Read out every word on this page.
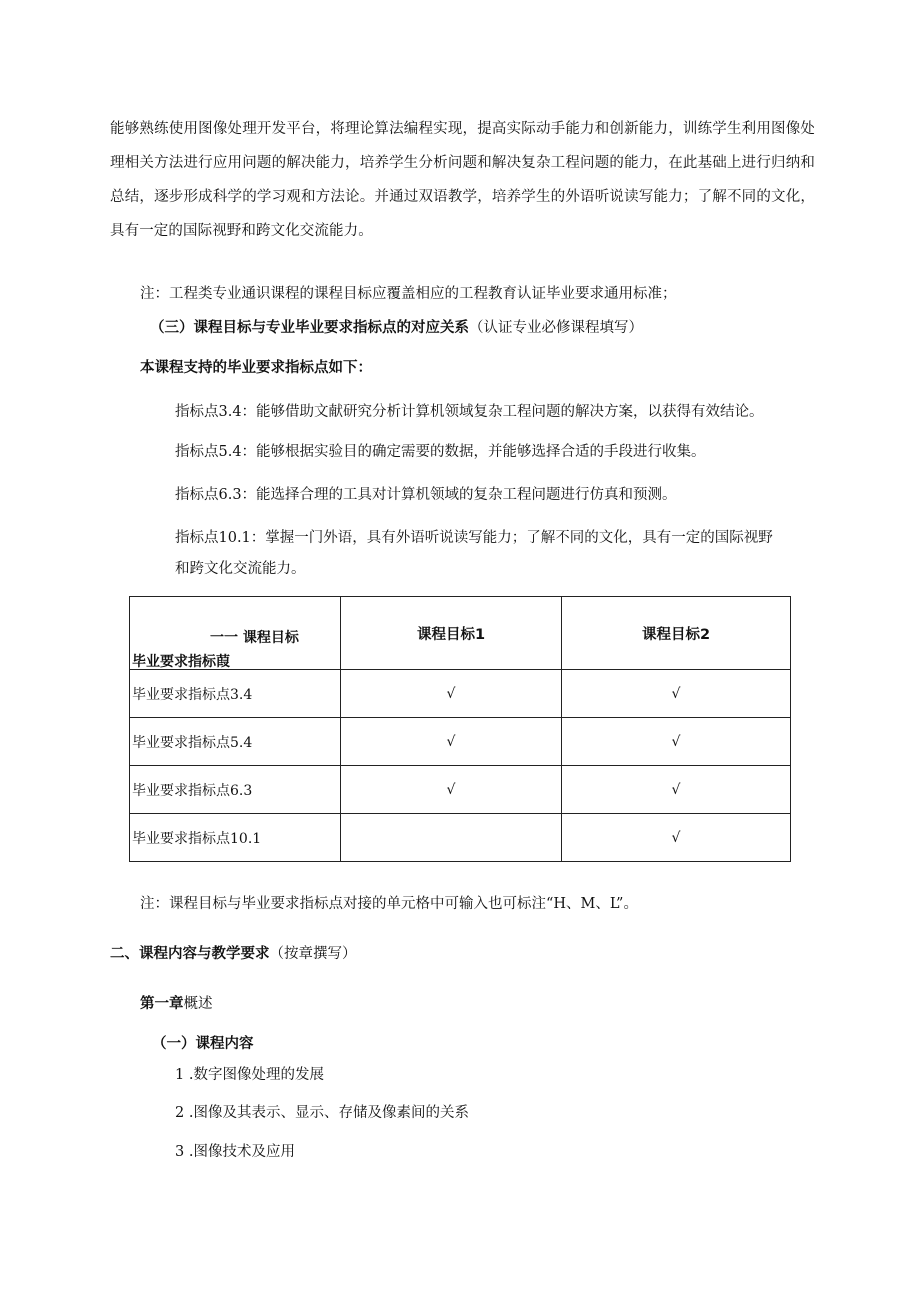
能够熟练使用图像处理开发平台，将理论算法编程实现，提高实际动手能力和创新能力，训练学生利用图像处理相关方法进行应用问题的解决能力，培养学生分析问题和解决复杂工程问题的能力，在此基础上进行归纳和总结，逐步形成科学的学习观和方法论。并通过双语教学，培养学生的外语听说读写能力；了解不同的文化，具有一定的国际视野和跨文化交流能力。
注：工程类专业通识课程的课程目标应覆盖相应的工程教育认证毕业要求通用标准；
（三）课程目标与专业毕业要求指标点的对应关系（认证专业必修课程填写）
本课程支持的毕业要求指标点如下：
指标点3.4：能够借助文献研究分析计算机领域复杂工程问题的解决方案，以获得有效结论。
指标点5.4：能够根据实验目的确定需要的数据，并能够选择合适的手段进行收集。
指标点6.3：能选择合理的工具对计算机领域的复杂工程问题进行仿真和预测。
指标点10.1：掌握一门外语，具有外语听说读写能力；了解不同的文化，具有一定的国际视野
和跨文化交流能力。
一一 课程目标
毕业要求指标葭	课程目标1	课程目标2
毕业要求指标点3.4	√	√
毕业要求指标点5.4	√	√
毕业要求指标点6.3	√	√
毕业要求指标点10.1		√
注：课程目标与毕业要求指标点对接的单元格中可输入也可标注“H、M、L”。
二、课程内容与教学要求（按章撰写）
第一章概述
（一）课程内容
1 .数字图像处理的发展
2 .图像及其表示、显示、存储及像素间的关系
3 .图像技术及应用
